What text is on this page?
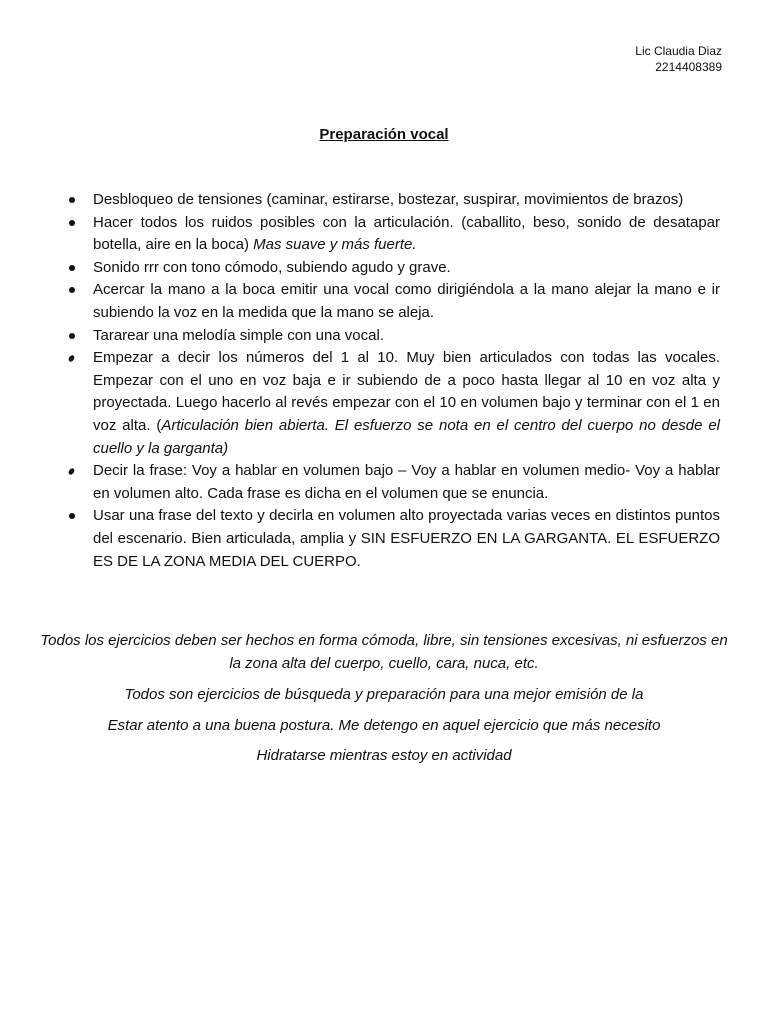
Lic Claudia Diaz
2214408389
Preparación vocal
Desbloqueo de tensiones (caminar, estirarse, bostezar, suspirar, movimientos de brazos)
Hacer todos los ruidos posibles con la articulación. (caballito, beso, sonido de desatapar botella, aire en la boca) Mas suave y más fuerte.
Sonido rrr con tono cómodo, subiendo agudo y grave.
Acercar la mano a la boca emitir una vocal como dirigiéndola a la mano alejar la mano e ir subiendo la voz en la medida que la mano se aleja.
Tararear una melodía simple con una vocal.
Empezar a decir los números del 1 al 10. Muy bien articulados con todas las vocales. Empezar con el uno en voz baja e ir subiendo de a poco hasta llegar al 10 en voz alta y proyectada. Luego hacerlo al revés empezar con el 10 en volumen bajo y terminar con el 1 en voz alta. (Articulación bien abierta. El esfuerzo se nota en el centro del cuerpo no desde el cuello y la garganta)
Decir la frase: Voy a hablar en volumen bajo – Voy a hablar en volumen medio- Voy a hablar en volumen alto. Cada frase es dicha en el volumen que se enuncia.
Usar una frase del texto y decirla en volumen alto proyectada varias veces en distintos puntos del escenario. Bien articulada, amplia y SIN ESFUERZO EN LA GARGANTA. EL ESFUERZO ES DE LA ZONA MEDIA DEL CUERPO.

Todos los ejercicios deben ser hechos en forma cómoda, libre, sin tensiones excesivas, ni esfuerzos en la zona alta del cuerpo, cuello, cara, nuca, etc.

Todos son ejercicios de búsqueda y preparación para una mejor emisión de la

Estar atento a una buena postura. Me detengo en aquel ejercicio que más necesito

Hidratarse mientras estoy en actividad
